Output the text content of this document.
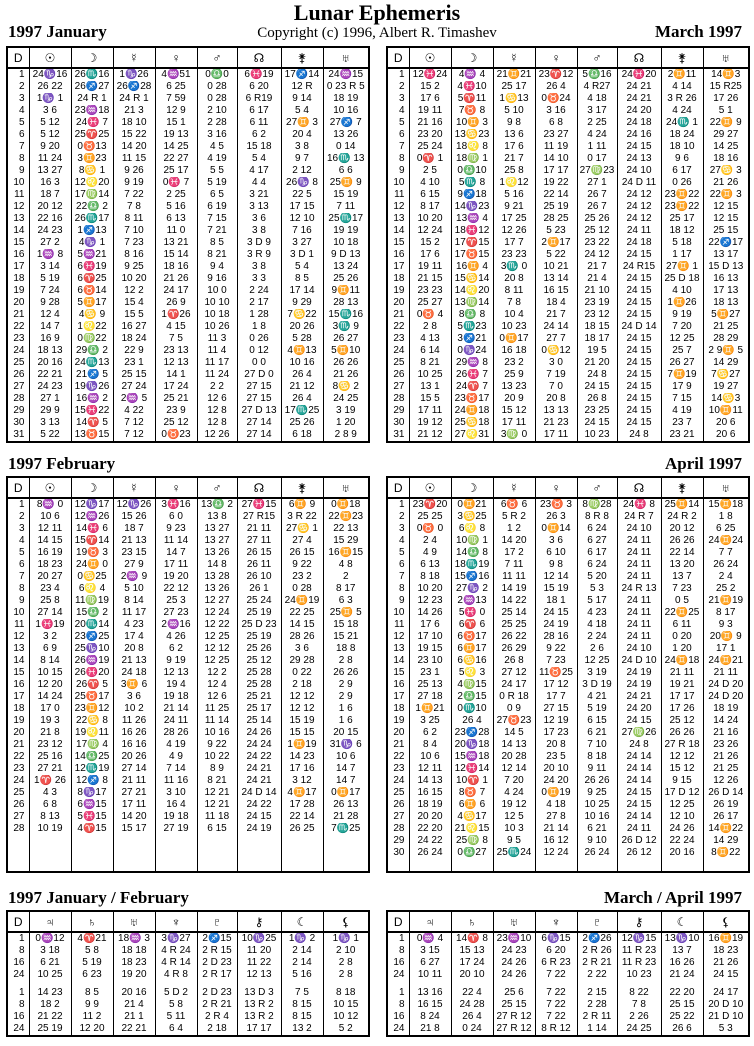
Lunar Ephemeris
Copyright (c) 1996, Albert R. Timashev
1997 January	March 1997
1997 February	April 1997
1997 January / February	March / April 1997
D	☉	☽	☿	♀	♂	☊	⚵	♅
1	24♑16	26♏16	1♑26	4♒51	0♎0	6♓19	17♐14	24♒15
2	26 22	26♐27	26♐28	6 25	0 28	6 20	12 R	0 23 R 5
3	1♑ 1	24 R 1	24 R 1	7 59	0 28	6 R19	9 14	18 19
4	3 6	23♒18	21 3	12 9	2 10	6 17	5 4	10 16
5	5 12	24♓ 7	18 10	15 1	2 28	6 11	27♊ 3	27♐ 7
6	5 12	25♈25	15 22	19 13	3 16	6 2	20 4	13 26
7	9 20	0♉13	14 20	14 25	4 5	15 18	3 8	0 14
8	11 24	3♊23	11 15	22 27	4 19	5 4	9 7	16♏ 13
9	13 27	8♋ 1	9 26	25 17	5 5	4 17	2 12	6 6
10	16 3	12♌20	9 19	0♓ 7	5 19	4 4	26♑ 8	25♊ 9
11	18 7	17♍14	7 22	2 25	6 5	3 21	22 5	15 19
12	20 12	22♎ 2	7 8	5 16	6 19	3 13	17 15	7 11
13	22 16	26♏17	8 11	6 13	7 15	3 6	12 10	25♏17
14	24 23	1♐13	7 10	11 0	7 21	3 8	7 16	19 19
15	27 2	4♑ 1	7 23	13 21	8 5	3 D 9	3 27	10 18
16	1♒ 8	5♒21	8 16	15 14	8 21	3 R 9	3 D 1	9 D 13
17	3 14	6♓19	9 25	18 16	9 4	3 8	5 4	13 24
18	5 19	6♈25	10 20	21 26	9 16	3 3	8 5	25 26
19	7 24	6♉14	12 2	24 17	10 0	2 24	17 14	9♊11
20	9 28	5♊17	15 4	26 9	10 10	2 17	9 29	28 13
21	12 4	4♋ 9	15 5	1♈26	10 18	1 28	7♋22	15♏16
22	14 7	1♌22	16 27	4 15	10 26	1 8	20 26	3♏ 9
23	16 9	0♍22	18 24	7 5	11 3	0 26	5 28	26 27
24	18 13	29♎ 2	22 9	23 13	11 4	0 12	4♊13	5♊10
25	20 16	24♏13	23 1	12 13	11 17	0 0	10 16	26 26
26	22 21	21♐ 5	25 15	14 1	11 24	27 D 0	26 4	21 26
27	24 23	19♑26	27 24	17 24	2 2	27 15	21 12	8♋ 2
28	27 1	16♒ 2	2♒ 5	25 21	12 6	27 15	26 4	24 25
29	29 9	15♓22	4 22	23 9	12 8	27 D 13	17♏25	3 19
30	3 13	14♈ 5	7 12	25 12	12 8	27 14	25 26	1 20
31	5 22	13♉15	7 12	0♉23	12 26	27 14	6 18	2 8 9
D	☉	☽	☿	♀	♂	☊	⚵	♅
1	12♓24	4♒ 4	21♊21	23♈12	5♎16	24♓20	2♊11	14♊3
2	15 2	4♓10	25 17	26 4	4 R27	24 21	4 14	15 R25
3	17 6	5♈11	1♋13	0♉24	4 18	24 21	3 R 26	17 26
4	19 11	7♉ 8	5 10	3 16	3 17	24 20	4 24	5 1
5	21 16	10♊ 3	9 8	6 8	2 25	24 18	24♏ 1	22♊ 9
6	23 20	13♋23	13 6	23 27	4 24	24 16	18 24	29 27
7	25 24	18♌ 8	17 6	11 19	1 11	24 15	18 10	14 25
8	0♈ 1	18♍ 1	21 7	14 10	0 17	24 13	9 6	18 16
9	2 5	0♎10	25 8	17 17	27♍23	24 10	6 17	27♋ 3
10	4 10	5♏ 8	1♌12	19 22	27 1	24 D 11	0 26	21 26
11	6 15	9♐18	5 16	22 14	26 7	24 12	23♊22	22♊ 3
12	8 17	14♑23	9 21	25 19	26 7	24 12	23♊22	12 15
13	10 20	13♒ 4	17 25	28 25	25 26	24 12	25 17	12 15
14	12 24	18♓12	12 26	5 23	25 12	24 11	18 12	25 15
15	15 2	17♈15	17 7	2♊17	23 22	24 18	5 18	22♐17
16	17 6	17♉15	23 23	5 22	24 12	24 15	1 17	13 17
17	19 11	16♊ 4	3♏ 0	10 21	21 7	24 R15	27♊ 1	15 D 13
18	21 15	15♋14	20 8	13 14	21 4	24 15	25 D 18	16 13
19	23 23	14♌20	8 11	16 15	21 10	24 15	4 10	17 13
20	25 27	13♍14	7 8	18 4	23 19	24 15	1♊26	18 13
21	0♉ 4	8♎ 8	10 4	21 7	23 12	24 15	9 19	5♊27
22	2 8	5♏23	10 23	24 14	18 15	24 D 14	7 20	21 25
23	4 13	3♐21	0♊17	27 7	18 17	24 15	12 25	28 29
24	6 14	0♑24	16 18	0♋12	19 5	24 15	25 7	2 9♊ 5
25	8 21	29♒ 8	23 2	3 0	21 20	24 15	26 27	14 29
26	10 25	26♓ 7	25 9	7 19	24 8	24 15	7♊19	7♋27
27	13 1	24♈ 7	13 23	7 0	24 15	24 15	17 9	19 27
28	15 5	23♉17	20 9	20 8	26 8	24 15	7 15	14♋3
29	17 11	24♊18	15 12	13 13	23 25	24 15	4 19	10♊11
30	19 12	25♋18	17 11	21 23	24 15	24 15	23 7	20 6
31	21 12	27♌31	3♍ 0	17 11	10 23	24 8	23 21	20 6
D	☉	☽	☿	♀	♂	☊	⚵	♅
1	8♒ 0	12♑17	12♑26	3♓16	13♎ 2	27♓15	6♊ 9	0♊18
2	10 6	12♒26	15 26	6 0	13 8	27 R15	3 R 22	22♊23
3	12 11	14♓ 6	18 7	9 23	13 27	21 11	27♋ 1	22 13
4	14 15	15♈14	21 13	11 14	13 27	27 11	27 4	15 29
5	16 19	19♉ 3	23 15	14 7	13 26	26 15	26 15	16♊15
6	18 23	24♊ 0	27 9	17 11	14 8	26 11	9 22	4 8
7	20 27	0♋25	2♒ 9	19 20	13 28	26 10	23 2	2
8	23 4	6♌ 4	5 10	22 12	13 26	26 1	0 28	8 17
9	25 8	11♍19	8 14	25 3	12 27	25 24	24♊19	6 3
10	27 14	15♎ 2	11 17	27 23	12 24	25 19	22 25	25♊ 5
11	1♓19	20♏14	4 23	2♒16	12 22	25 D 23	14 15	15 18
12	3 2	23♐25	17 4	4 26	12 25	25 19	28 26	15 21
13	6 9	25♑10	20 8	6 2	12 12	25 26	3 6	18 8
14	8 14	26♒19	21 13	9 19	12 25	25 12	29 28	2 8
15	10 15	26♓20	24 18	12 13	12 2	25 28	0 22	26 26
16	12 20	26♈ 5	3♊ 6	19 4	12 4	25 28	2 18	2 9
17	14 24	25♉17	3 6	19 18	12 6	25 21	12 12	2 9
18	17 0	23♊12	10 2	21 14	11 25	25 17	12 12	1 6
19	19 3	22♋ 8	11 26	24 11	11 14	25 14	15 19	1 6
20	21 8	19♌11	16 26	28 26	10 16	24 26	15 15	20 15
21	23 12	17♍ 4	16 16	4 19	9 22	24 24	1♊19	31♑ 6
22	25 16	14♎25	20 26	4 9	10 22	24 22	14 23	10 6
23	27 21	12♏19	27 14	7 14	8 9	24 21	17 16	14 7
24	1♈ 26	12♐ 8	21 11	11 16	8 21	24 21	3 12	14 7
25	4 3	8♑17	27 21	3 10	12 21	24 D 14	4♊17	0♊17
26	6 8	6♒15	17 11	16 4	12 21	24 22	17 28	26 13
27	8 13	5♓15	14 20	19 18	11 18	24 15	22 14	21 28
28	10 19	4♈15	15 17	27 19	6 15	24 19	26 25	7♏25

D	☉	☽	☿	♀	♂	☊	⚵	♅
1	23♈20	0♊21	6♉ 6	23♉ 3	8♍28	24♓ 8	25♊14	15♊18
2	25 25	3♋25	5 R 2	26 3	8 R 8	24 R 7	24 R 2	1 8
3	0♉ 0	6♌ 8	1 2	0♊14	6 24	24 10	20 12	6 25
4	2 4	10♍ 1	14 20	3 6	6 27	24 11	26 26	24♊24
5	4 9	14♎ 8	17 2	6 10	6 17	24 11	22 14	7 7
6	6 13	18♏19	7 11	9 8	6 24	24 11	13 20	26 24
7	8 18	15♐16	11 11	12 14	5 20	24 11	13 7	2 4
8	10 20	27♑ 2	14 19	15 19	5 3	24 R 13	7 23	25 2
9	12 23	2♒13	14 22	18 1	5 17	24 11	0 5	21♊19
10	14 26	5♓ 0	25 14	24 15	4 23	24 11	22♊25	8 17
11	17 6	6♈ 6	25 25	24 19	4 18	24 11	6 11	9 3
12	17 10	6♉17	26 22	28 16	2 24	24 11	0 20	20♊ 9
13	19 15	6♊17	26 29	9 22	2 6	24 10	1 20	17 1
14	23 10	6♋16	26 8	7 23	12 25	24 D 10	24♊18	24♊21
15	23 1	5♌ 3	27 12	11♉25	3 19	24 19	21 11	21 11
16	25 13	4♍15	24 17	17 12	3 D 19	24 19	19 21	24 D 20
17	27 18	2♎15	0 R 18	17 7	4 21	24 21	17 17	24 D 20
18	1♊21	0♏10	0 9	27 15	5 19	24 20	17 26	18 19
19	3 25	26 4	27♉23	12 19	6 15	24 15	25 12	14 24
20	6 2	23♐28	14 5	17 23	6 21	27♍26	26 26	21 16
21	8 4	20♑18	14 13	20 8	7 10	24 8	27 R 18	23 26
22	10 6	15♒18	20 28	23 5	8 18	24 14	12 12	21 26
23	12 11	12♓14	12 14	20 10	9 11	24 14	15 12	21 25
24	14 13	10♈ 1	7 20	24 20	26 26	24 14	9 15	12 26
25	16 15	8♉ 7	4 24	0♊19	9 25	24 15	17 D 12	26 D 14
26	18 19	6♊ 6	19 12	4 18	10 25	24 15	12 25	26 19
27	20 20	4♋17	12 5	27 8	10 16	24 14	12 10	26 17
28	22 20	21♌15	10 3	21 14	6 21	24 11	24 26	14♊22
29	24 22	25♍ 8	9 5	16 12	9 10	26 D 12	22 24	14 29
30	26 24	0♎27	25♏24	12 24	26 24	26 12	20 16	8♊22

D	♃	♄	♅	♆	♇	⚷	☾	⚸
1	0♒12	4♈21	18♒ 3	3♑27	2♐15	10♑25	1♑ 2	1♑ 1
8	3 18	5 8	18 18	4 R 24	2 R 15	11 20	2 14	2 10
16	6 21	5 19	18 23	4 R 14	2 D 23	11 22	2 14	2 8
24	10 25	6 23	19 20	4 R 8	2 R 17	12 13	5 16	2 8

1	14 23	8 5	20 16	5 D 2	2 D 23	13 D 3	7 5	8 18
8	18 2	9 9	21 4	5 8	2 R 21	13 R 2	8 15	10 15
16	21 22	11 2	21 1	5 11	2 R 4	13 R 2	8 15	10 12
24	25 19	12 20	22 21	6 4	2 18	17 17	13 2	5 2
D	♃	♄	♅	♆	♇	⚷	☾	⚸
1	0♒ 4	14♈ 8	23♒10	6♑15	2♐26	12♑15	13♑10	16♊19
8	3 15	15 13	24 23	6 20	2 R 26	11 R 23	13 7	18 23
16	6 27	17 24	24 26	6 R 23	2 R 21	11 R 23	16 26	21 26
24	10 11	20 10	24 26	7 22	2 22	10 23	21 24	24 15

1	13 16	22 4	25 6	7 22	2 15	8 22	22 20	24 17
8	16 15	24 28	25 15	7 22	2 28	7 8	25 15	20 D 10
16	8 24	26 4	27 R 12	7 22	2 R 11	2 26	25 22	21 D 10
24	21 8	0 24	27 R 12	8 R 12	1 14	24 25	26 6	5 3
